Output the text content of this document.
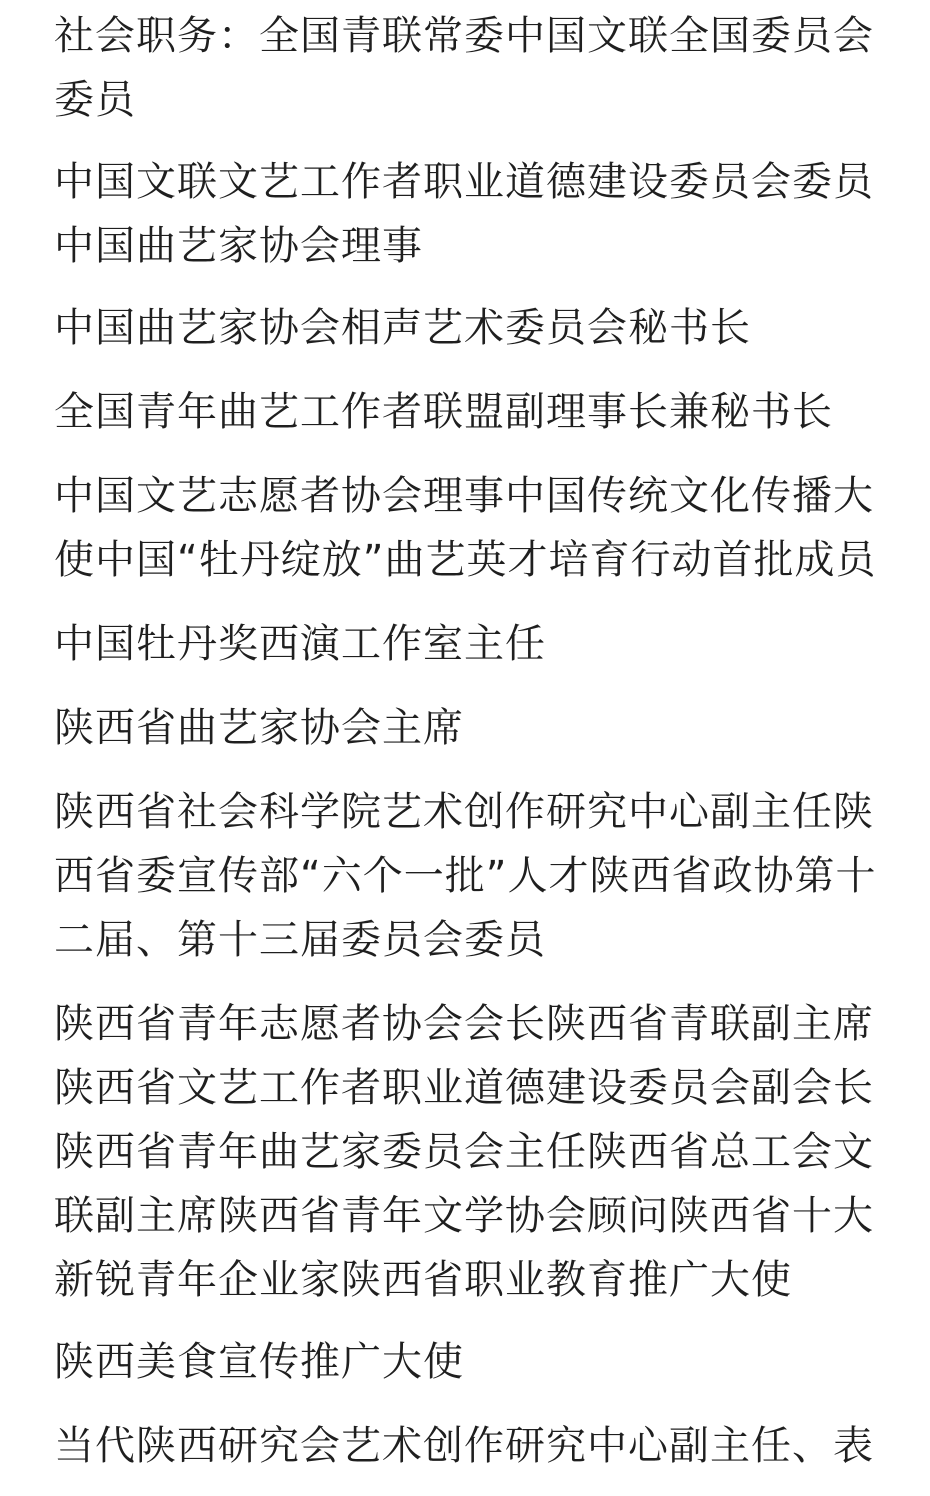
社会职务：全国青联常委中国文联全国委员会
委员

中国文联文艺工作者职业道德建设委员会委员
中国曲艺家协会理事

中国曲艺家协会相声艺术委员会秘书长

全国青年曲艺工作者联盟副理事长兼秘书长

中国文艺志愿者协会理事中国传统文化传播大
使中国“牡丹绽放”曲艺英才培育行动首批成员

中国牡丹奖西演工作室主任

陕西省曲艺家协会主席

陕西省社会科学院艺术创作研究中心副主任陕
西省委宣传部“六个一批”人才陕西省政协第十
二届、第十三届委员会委员

陕西省青年志愿者协会会长陕西省青联副主席
陕西省文艺工作者职业道德建设委员会副会长
陕西省青年曲艺家委员会主任陕西省总工会文
联副主席陕西省青年文学协会顾问陕西省十大
新锐青年企业家陕西省职业教育推广大使

陕西美食宣传推广大使

当代陕西研究会艺术创作研究中心副主任、表
